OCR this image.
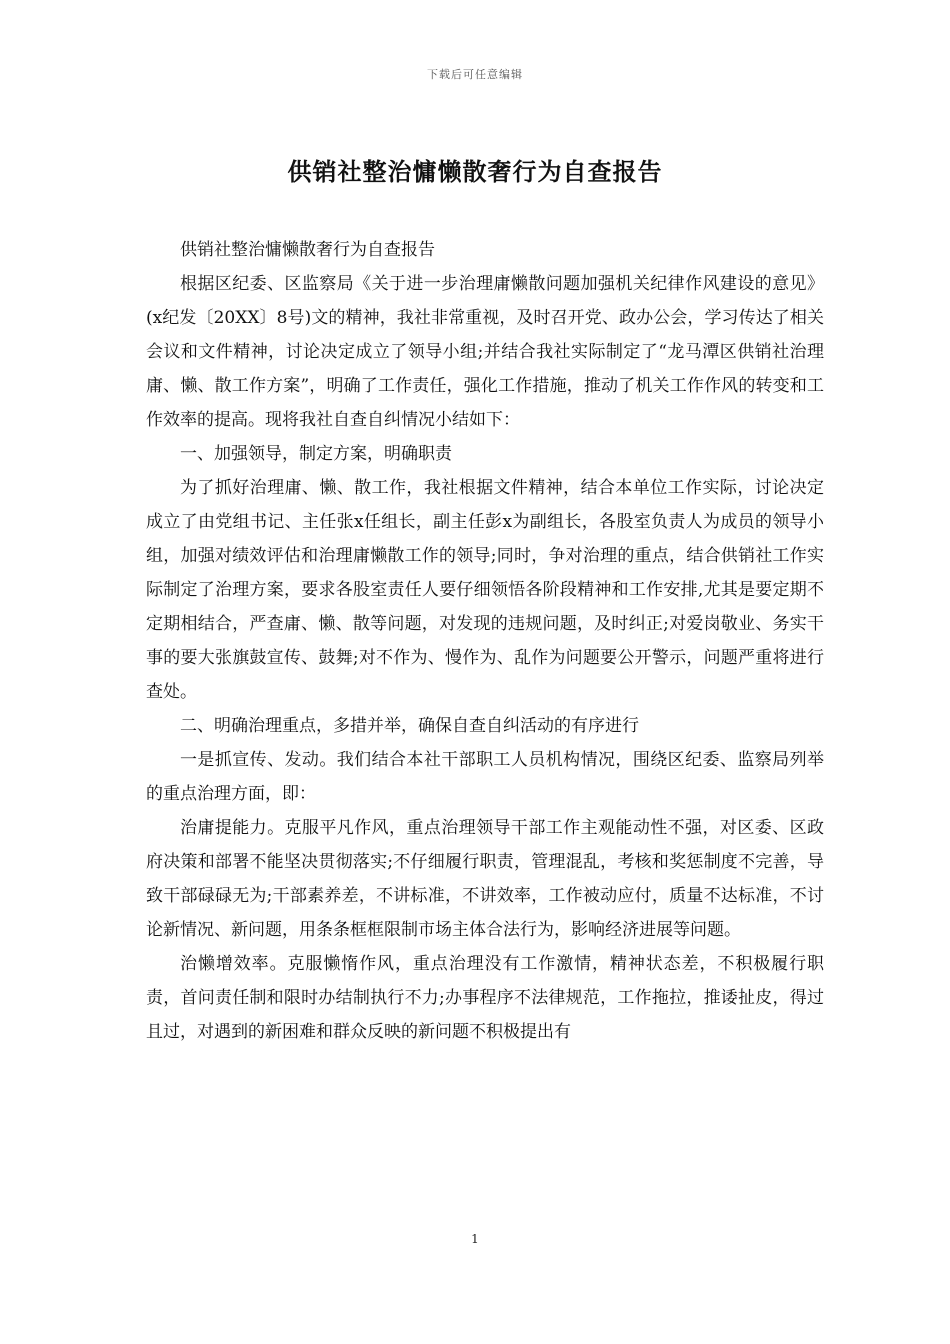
下载后可任意编辑
供销社整治慵懒散奢行为自查报告

供销社整治慵懒散奢行为自查报告

根据区纪委、区监察局《关于进一步治理庸懒散问题加强机关纪律作风建设的意见》(x纪发〔20XX〕8号)文的精神，我社非常重视，及时召开党、政办公会，学习传达了相关会议和文件精神，讨论决定成立了领导小组;并结合我社实际制定了“龙马潭区供销社治理庸、懒、散工作方案”，明确了工作责任，强化工作措施，推动了机关工作作风的转变和工作效率的提高。现将我社自查自纠情况小结如下：

一、加强领导，制定方案，明确职责

为了抓好治理庸、懒、散工作，我社根据文件精神，结合本单位工作实际，讨论决定成立了由党组书记、主任张x任组长，副主任彭x为副组长，各股室负责人为成员的领导小组，加强对绩效评估和治理庸懒散工作的领导;同时，争对治理的重点，结合供销社工作实际制定了治理方案，要求各股室责任人要仔细领悟各阶段精神和工作安排,尤其是要定期不定期相结合，严查庸、懒、散等问题，对发现的违规问题，及时纠正;对爱岗敬业、务实干事的要大张旗鼓宣传、鼓舞;对不作为、慢作为、乱作为问题要公开警示，问题严重将进行查处。

二、明确治理重点，多措并举，确保自查自纠活动的有序进行

一是抓宣传、发动。我们结合本社干部职工人员机构情况，围绕区纪委、监察局列举的重点治理方面，即：

治庸提能力。克服平凡作风，重点治理领导干部工作主观能动性不强，对区委、区政府决策和部署不能坚决贯彻落实;不仔细履行职责，管理混乱，考核和奖惩制度不完善，导致干部碌碌无为;干部素养差，不讲标准，不讲效率，工作被动应付，质量不达标准，不讨论新情况、新问题，用条条框框限制市场主体合法行为，影响经济进展等问题。

治懒增效率。克服懒惰作风，重点治理没有工作激情，精神状态差，不积极履行职责，首问责任制和限时办结制执行不力;办事程序不法律规范，工作拖拉，推诿扯皮，得过且过，对遇到的新困难和群众反映的新问题不积极提出有

1
